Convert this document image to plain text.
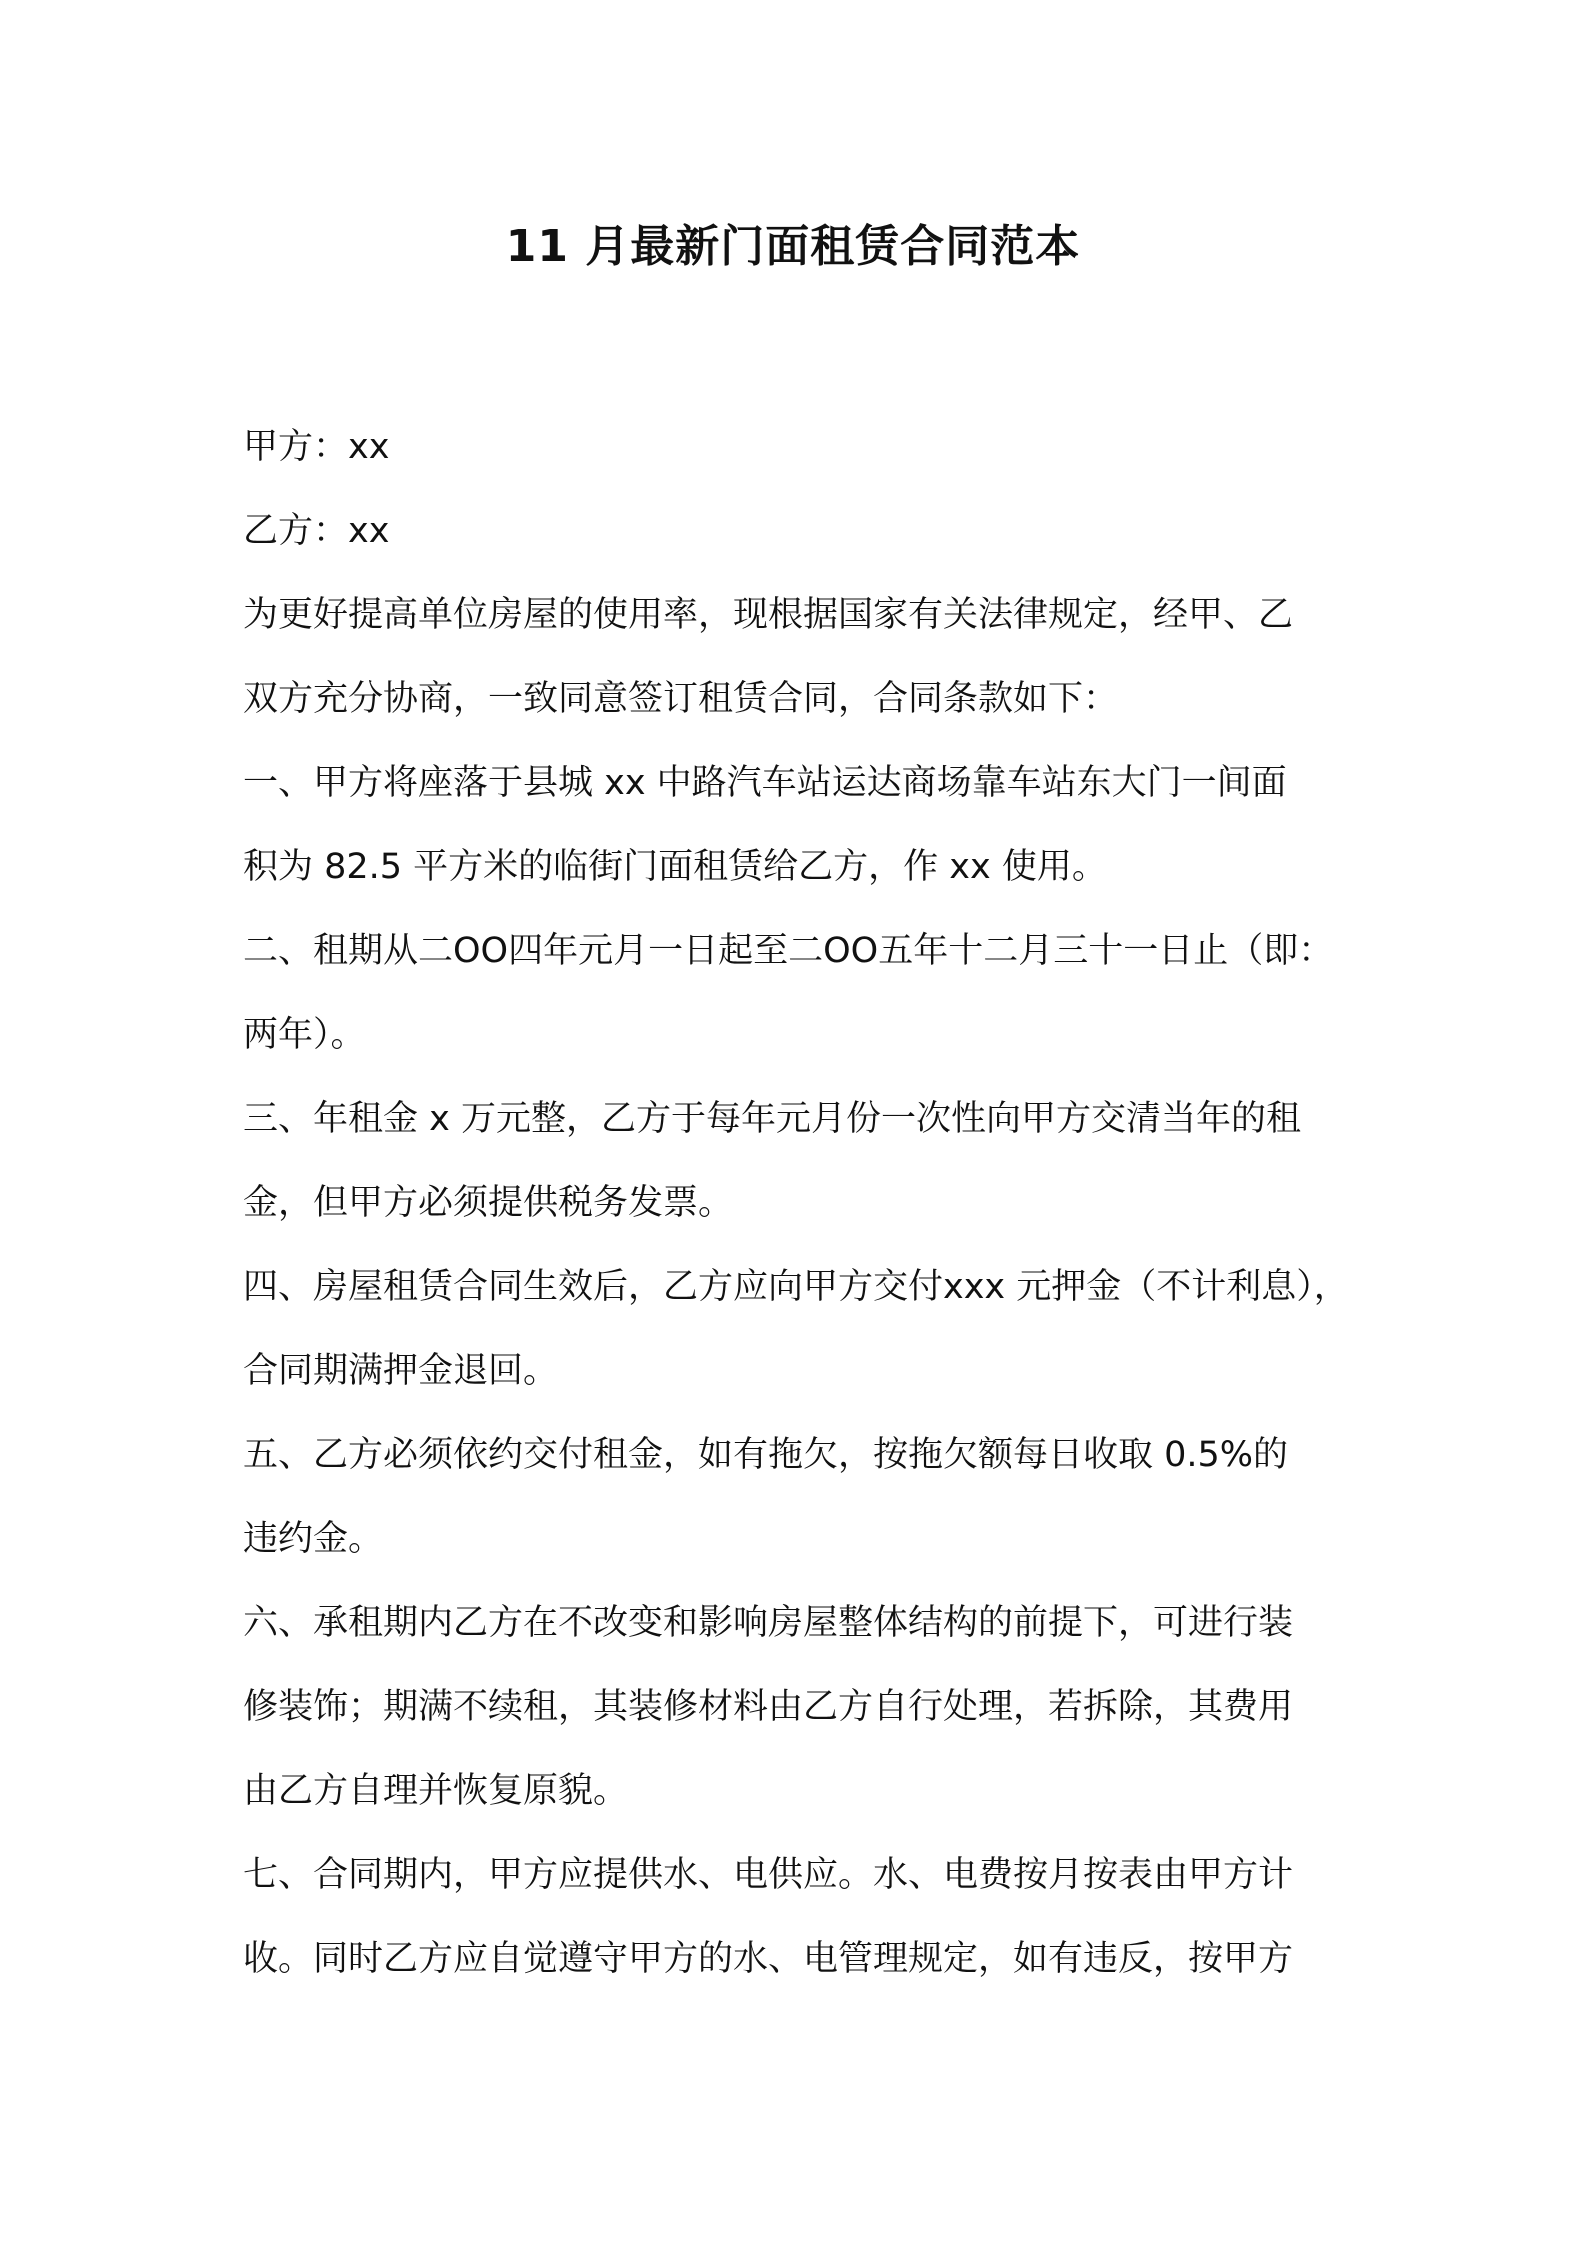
11 月最新门面租赁合同范本

甲方：xx

乙方：xx

为更好提高单位房屋的使用率，现根据国家有关法律规定，经甲、乙

双方充分协商，一致同意签订租赁合同，合同条款如下：

一、甲方将座落于县城 xx 中路汽车站运达商场靠车站东大门一间面

积为 82.5 平方米的临街门面租赁给乙方，作 xx 使用。

二、租期从二OO四年元月一日起至二OO五年十二月三十一日止（即：

两年）。

三、年租金 x 万元整，乙方于每年元月份一次性向甲方交清当年的租

金，但甲方必须提供税务发票。

四、房屋租赁合同生效后，乙方应向甲方交付xxx 元押金（不计利息），

合同期满押金退回。

五、乙方必须依约交付租金，如有拖欠，按拖欠额每日收取 0.5%的

违约金。

六、承租期内乙方在不改变和影响房屋整体结构的前提下，可进行装

修装饰；期满不续租，其装修材料由乙方自行处理，若拆除，其费用

由乙方自理并恢复原貌。

七、合同期内，甲方应提供水、电供应。水、电费按月按表由甲方计

收。同时乙方应自觉遵守甲方的水、电管理规定，如有违反，按甲方
